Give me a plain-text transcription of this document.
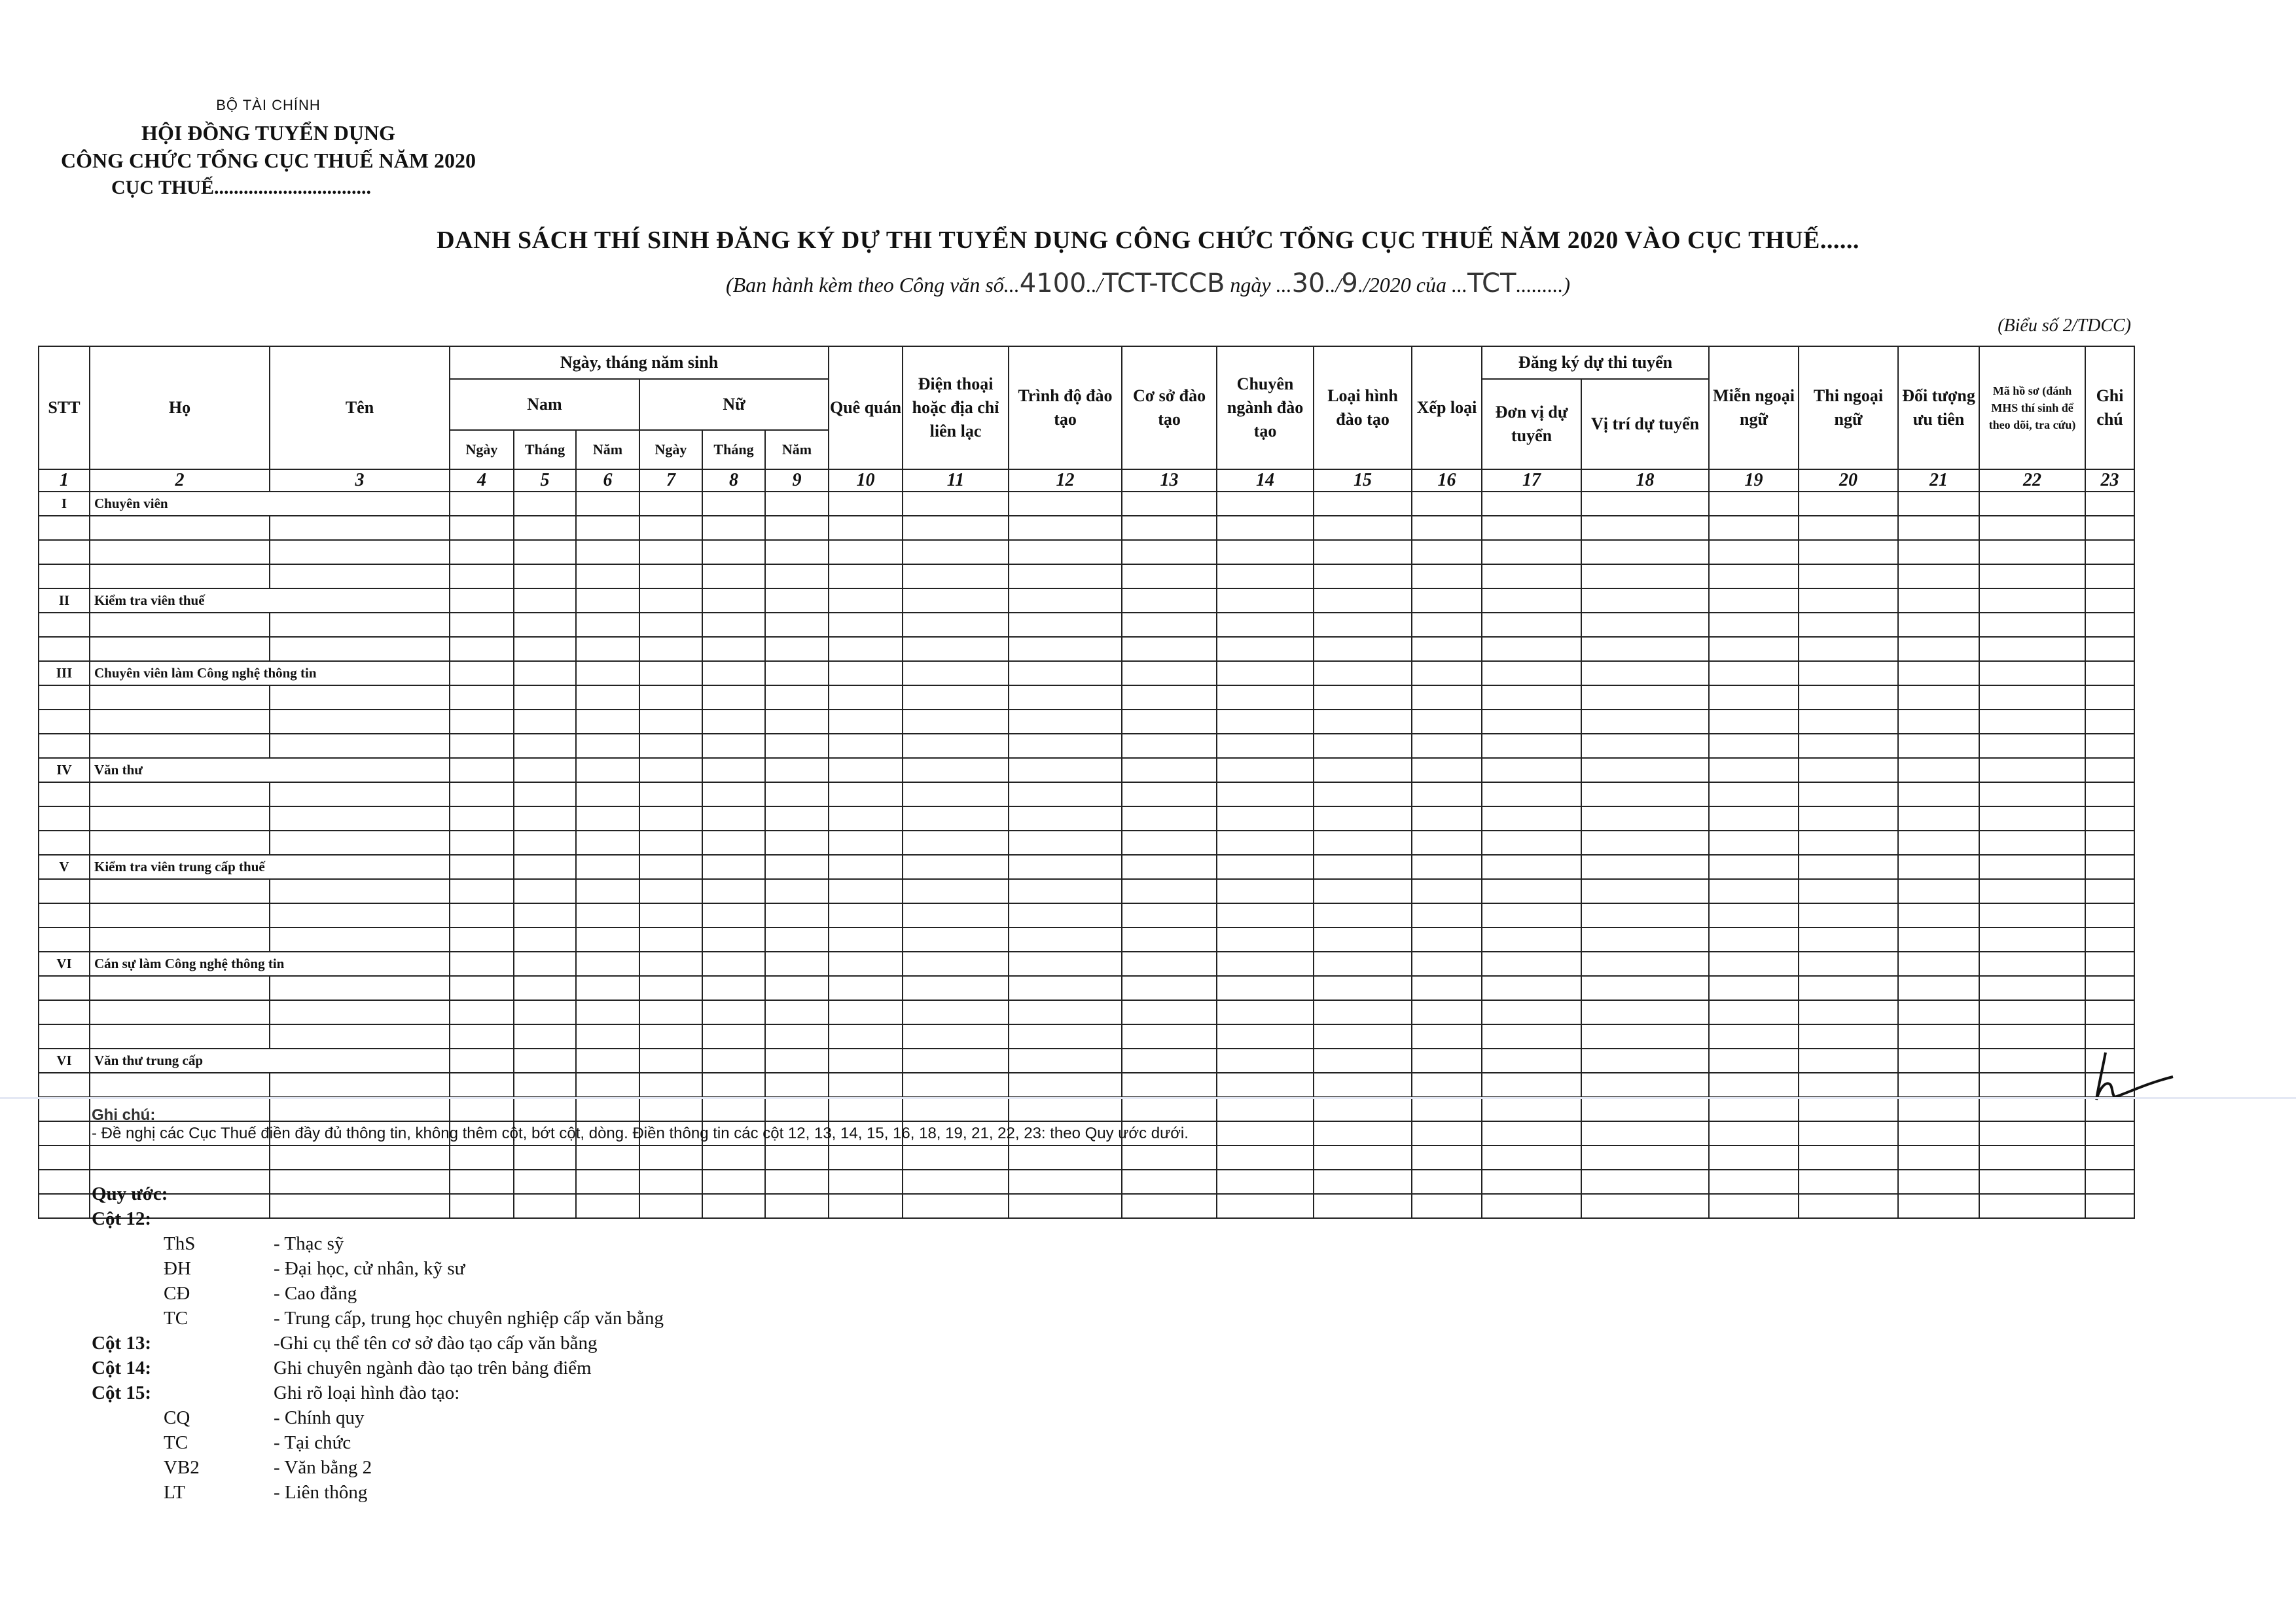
BỘ TÀI CHÍNH
HỘI ĐỒNG TUYỂN DỤNG
CÔNG CHỨC TỔNG CỤC THUẾ NĂM 2020
CỤC THUẾ................................
DANH SÁCH THÍ SINH ĐĂNG KÝ DỰ THI TUYỂN DỤNG CÔNG CHỨC TỔNG CỤC THUẾ NĂM 2020 VÀO CỤC THUẾ......
(Ban hành kèm theo Công văn số...4100../TCT-TCCB ngày ...30../9./2020 của ...TCT.........)
(Biểu số 2/TDCC)
STT	Họ	Tên	Ngày, tháng năm sinh						Quê quán	Điện thoại hoặc địa chỉ liên lạc	Trình độ đào tạo	Cơ sở đào tạo	Chuyên ngành đào tạo	Loại hình đào tạo	Xếp loại	Đăng ký dự thi tuyển		Miễn ngoại ngữ	Thi ngoại ngữ	Đối tượng ưu tiên	Mã hồ sơ (đánh MHS thí sinh để theo dõi, tra cứu)	Ghi chú
			Nam			Nữ										Đơn vị dự tuyển	Vị trí dự tuyển					
			Ngày	Tháng	Năm	Ngày	Tháng	Năm														
1	2	3	4	5	6	7	8	9	10	11	12	13	14	15	16	17	18	19	20	21	22	23
I	Chuyên viên																					

II	Kiểm tra viên thuế																					

III	Chuyên viên làm Công nghệ thông tin																					

IV	Văn thư																					

V	Kiểm tra viên trung cấp thuế																					

VI	Cán sự làm Công nghệ thông tin																					

VI	Văn thư trung cấp																					

Ghi chú:
- Đề nghị các Cục Thuế điền đầy đủ thông tin, không thêm cột, bớt cột, dòng. Điền thông tin các cột 12, 13, 14, 15, 16, 18, 19, 21, 22, 23: theo Quy ước dưới.
Quy ước:
Cột 12:
ThS	- Thạc sỹ
ĐH	- Đại học, cử nhân, kỹ sư
CĐ	- Cao đẳng
TC	- Trung cấp, trung học chuyên nghiệp cấp văn bằng
Cột 13:	-Ghi cụ thể tên cơ sở đào tạo cấp văn bằng
Cột 14:	Ghi chuyên ngành đào tạo trên bảng điểm
Cột 15:	Ghi rõ loại hình đào tạo:
CQ	- Chính quy
TC	- Tại chức
VB2	- Văn bằng 2
LT	- Liên thông
